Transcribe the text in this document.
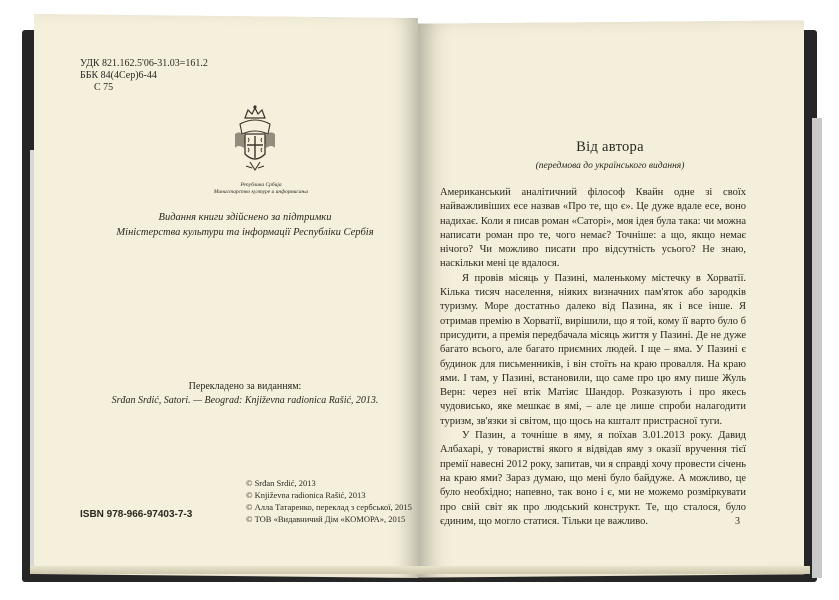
УДК 821.162.5'06-31.03=161.2
ББК 84(4Сер)6-44
С 75
Република Србија
Министарство културе и информисања
Видання книги здійснено за підтримки
Міністерства культури та інформації Республіки Сербія
Перекладено за виданням:
Srđan Srdić, Satori. — Beograd: Književna radionica Rašić, 2013.
ISBN 978-966-97403-7-3
© Srđan Srdić, 2013
© Književna radionica Rašić, 2013
© Алла Татаренко, переклад з сербської, 2015
© ТОВ «Видавничий Дім «КОМОРА», 2015
Від автора
(передмова до українського видання)

Американський аналітичний філософ Квайн одне зі своїх найважливіших есе назвав «Про те, що є». Це дуже вдале есе, воно надихає. Коли я писав роман «Саторі», моя ідея була така: чи можна написати роман про те, чого немає? Точніше: а що, якщо немає нічого? Чи можливо писати про відсутність усього? Не знаю, наскільки мені це вдалося.

Я провів місяць у Пазині, маленькому містечку в Хорватії. Кілька тисяч населення, ніяких визначних пам'яток або зародків туризму. Море достатньо далеко від Пазина, як і все інше. Я отримав премію в Хорватії, вирішили, що я той, кому її варто було б присудити, а премія передбачала місяць життя у Пазині. Де не дуже багато всього, але багато приємних людей. І ще – яма. У Пазині є будинок для письменників, і він стоїть на краю провалля. На краю ями. І там, у Пазині, встановили, що саме про цю яму пише Жуль Верн: через неї втік Матіяс Шандор. Розказують і про якесь чудовисько, яке мешкає в ямі, – але це лише спроби налагодити туризм, зв'язки зі світом, що щось на кшталт пристрасної туги.

У Пазин, а точніше в яму, я поїхав 3.01.2013 року. Давид Албахарі, у товаристві якого я відвідав яму з оказії вручення тієї премії навесні 2012 року, запитав, чи я справді хочу провести січень на краю ями? Зараз думаю, що мені було байдуже. А можливо, це було необхідно; напевно, так воно і є, ми не можемо розміркувати про свій світ як про людський конструкт. Те, що сталося, було єдиним, що могло статися. Тільки це важливо.	3
